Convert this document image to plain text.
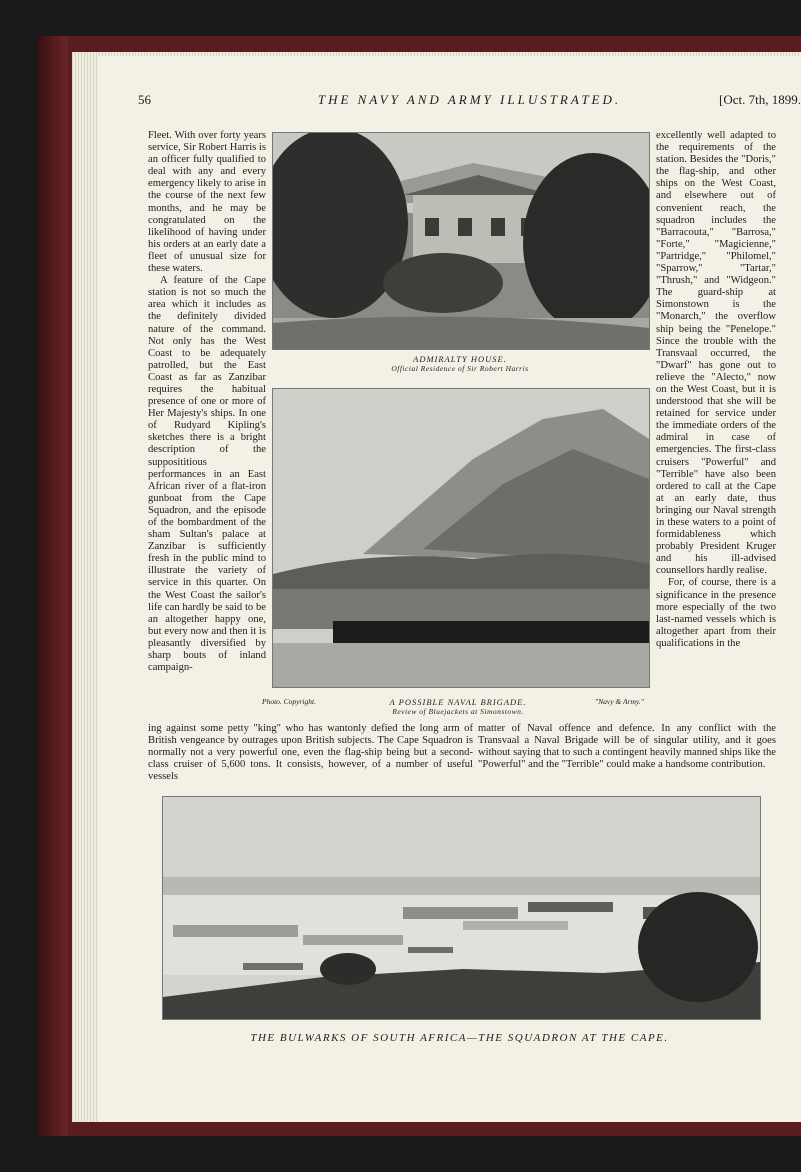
56	THE NAVY AND ARMY ILLUSTRATED.	[Oct. 7th, 1899.

Fleet. With over forty years service, Sir Robert Harris is an officer fully qualified to deal with any and every emergency likely to arise in the course of the next few months, and he may be congratulated on the likelihood of having under his orders at an early date a fleet of unusual size for these waters.

A feature of the Cape station is not so much the area which it includes as the definitely divided nature of the command. Not only has the West Coast to be adequately patrolled, but the East Coast as far as Zanzibar requires the habitual presence of one or more of Her Majesty's ships. In one of Rudyard Kipling's sketches there is a bright description of the supposititious performances in an East African river of a flat-iron gunboat from the Cape Squadron, and the episode of the bombardment of the sham Sultan's palace at Zanzibar is sufficiently fresh in the public mind to illustrate the variety of service in this quarter. On the West Coast the sailor's life can hardly be said to be an altogether happy one, but every now and then it is pleasantly diversified by sharp bouts of inland campaign-

ing against some petty "king" who has wantonly defied the long arm of British vengeance by outrages upon British subjects. The Cape Squadron is normally not a very powerful one, even the flag-ship being but a second-class cruiser of 5,600 tons. It consists, however, of a number of useful vessels

ADMIRALTY HOUSE.
Official Residence of Sir Robert Harris
Photo. Copyright.	"Navy & Army."
A POSSIBLE NAVAL BRIGADE.
Review of Bluejackets at Simonstown.

excellently well adapted to the requirements of the station. Besides the "Doris," the flag-ship, and other ships on the West Coast, and elsewhere out of convenient reach, the squadron includes the "Barracouta," "Barrosa," "Forte," "Magicienne," "Partridge," "Philomel," "Sparrow," "Tartar," "Thrush," and "Widgeon." The guard-ship at Simonstown is the "Monarch," the overflow ship being the "Penelope." Since the trouble with the Transvaal occurred, the "Dwarf" has gone out to relieve the "Alecto," now on the West Coast, but it is understood that she will be retained for service under the immediate orders of the admiral in case of emergencies. The first-class cruisers "Powerful" and "Terrible" have also been ordered to call at the Cape at an early date, thus bringing our Naval strength in these waters to a point of formidableness which probably President Kruger and his ill-advised counsellors hardly realise.

For, of course, there is a significance in the presence more especially of the two last-named vessels which is altogether apart from their qualifications in the

matter of Naval offence and defence. In any conflict with the Transvaal a Naval Brigade will be of singular utility, and it goes without saying that to such a contingent heavily manned ships like the "Powerful" and the "Terrible" could make a handsome contribution.

THE BULWARKS OF SOUTH AFRICA—THE SQUADRON AT THE CAPE.
